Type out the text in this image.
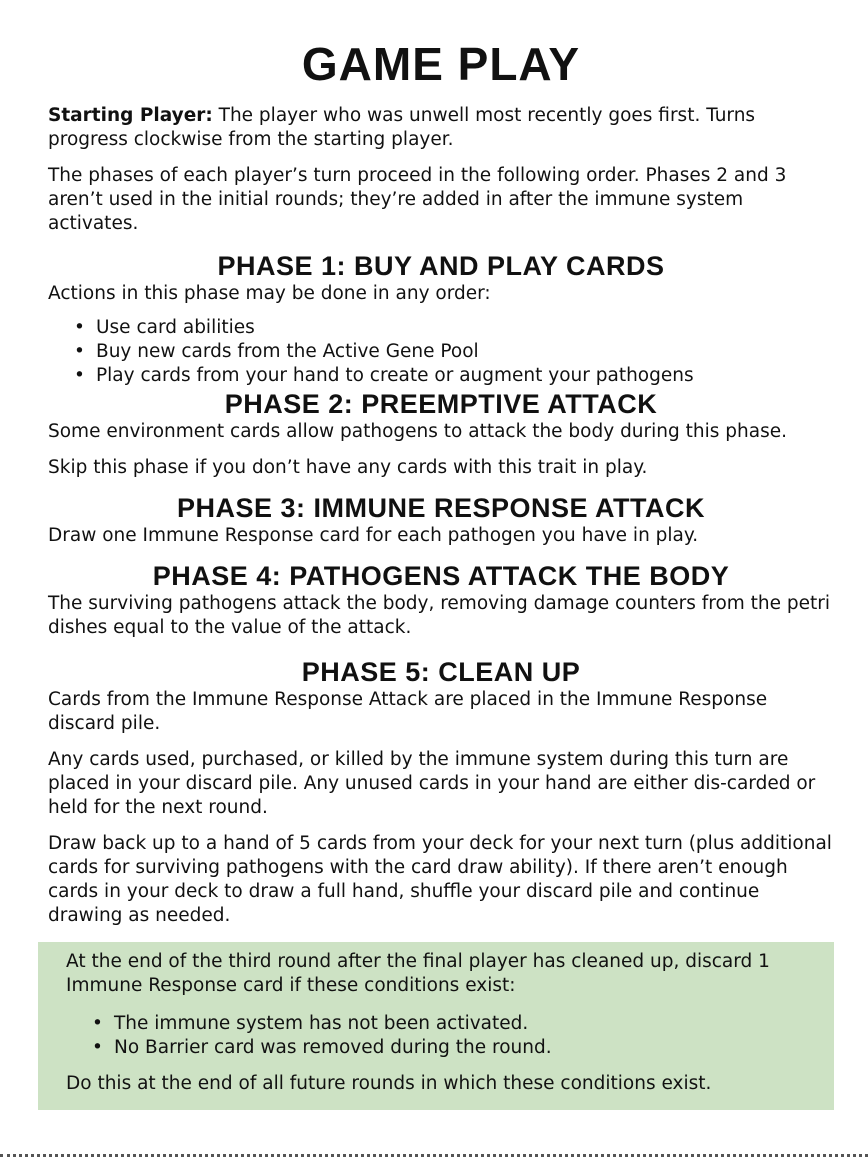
GAME PLAY

Starting Player: The player who was unwell most recently goes first. Turns progress clockwise from the starting player.

The phases of each player’s turn proceed in the following order. Phases 2 and 3 aren’t used in the initial rounds; they’re added in after the immune system activates.

PHASE 1: BUY AND PLAY CARDS

Actions in this phase may be done in any order:

• Use card abilities
• Buy new cards from the Active Gene Pool
• Play cards from your hand to create or augment your pathogens
PHASE 2: PREEMPTIVE ATTACK

Some environment cards allow pathogens to attack the body during this phase.

Skip this phase if you don’t have any cards with this trait in play.

PHASE 3: IMMUNE RESPONSE ATTACK

Draw one Immune Response card for each pathogen you have in play.

PHASE 4: PATHOGENS ATTACK THE BODY

The surviving pathogens attack the body, removing damage counters from the petri dishes equal to the value of the attack.

PHASE 5: CLEAN UP

Cards from the Immune Response Attack are placed in the Immune Response discard pile.

Any cards used, purchased, or killed by the immune system during this turn are placed in your discard pile. Any unused cards in your hand are either dis-carded or held for the next round.

Draw back up to a hand of 5 cards from your deck for your next turn (plus additional cards for surviving pathogens with the card draw ability). If there aren’t enough cards in your deck to draw a full hand, shuffle your discard pile and continue drawing as needed.

At the end of the third round after the final player has cleaned up, discard 1 Immune Response card if these conditions exist:

• The immune system has not been activated.
• No Barrier card was removed during the round.

Do this at the end of all future rounds in which these conditions exist.
